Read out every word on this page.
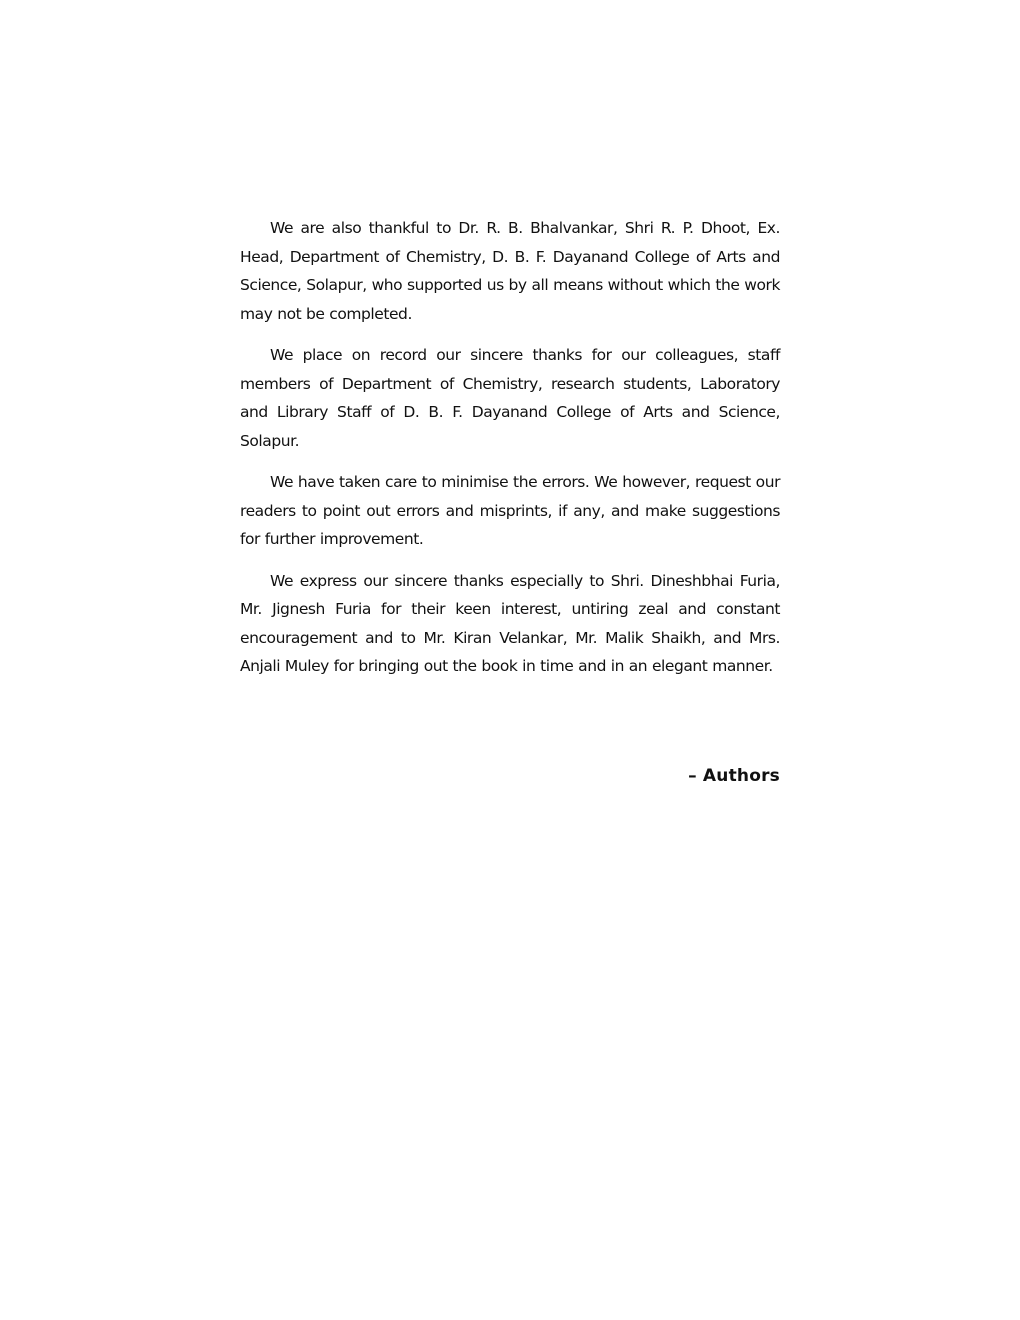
We are also thankful to Dr. R. B. Bhalvankar, Shri R. P. Dhoot, Ex. Head, Department of Chemistry, D. B. F. Dayanand College of Arts and Science, Solapur, who supported us by all means without which the work may not be completed.

We place on record our sincere thanks for our colleagues, staff members of Department of Chemistry, research students, Laboratory and Library Staff of D. B. F. Dayanand College of Arts and Science, Solapur.

We have taken care to minimise the errors. We however, request our readers to point out errors and misprints, if any, and make suggestions for further improvement.

We express our sincere thanks especially to Shri. Dineshbhai Furia, Mr. Jignesh Furia for their keen interest, untiring zeal and constant encouragement and to Mr. Kiran Velankar, Mr. Malik Shaikh, and Mrs. Anjali Muley for bringing out the book in time and in an elegant manner.

– Authors
